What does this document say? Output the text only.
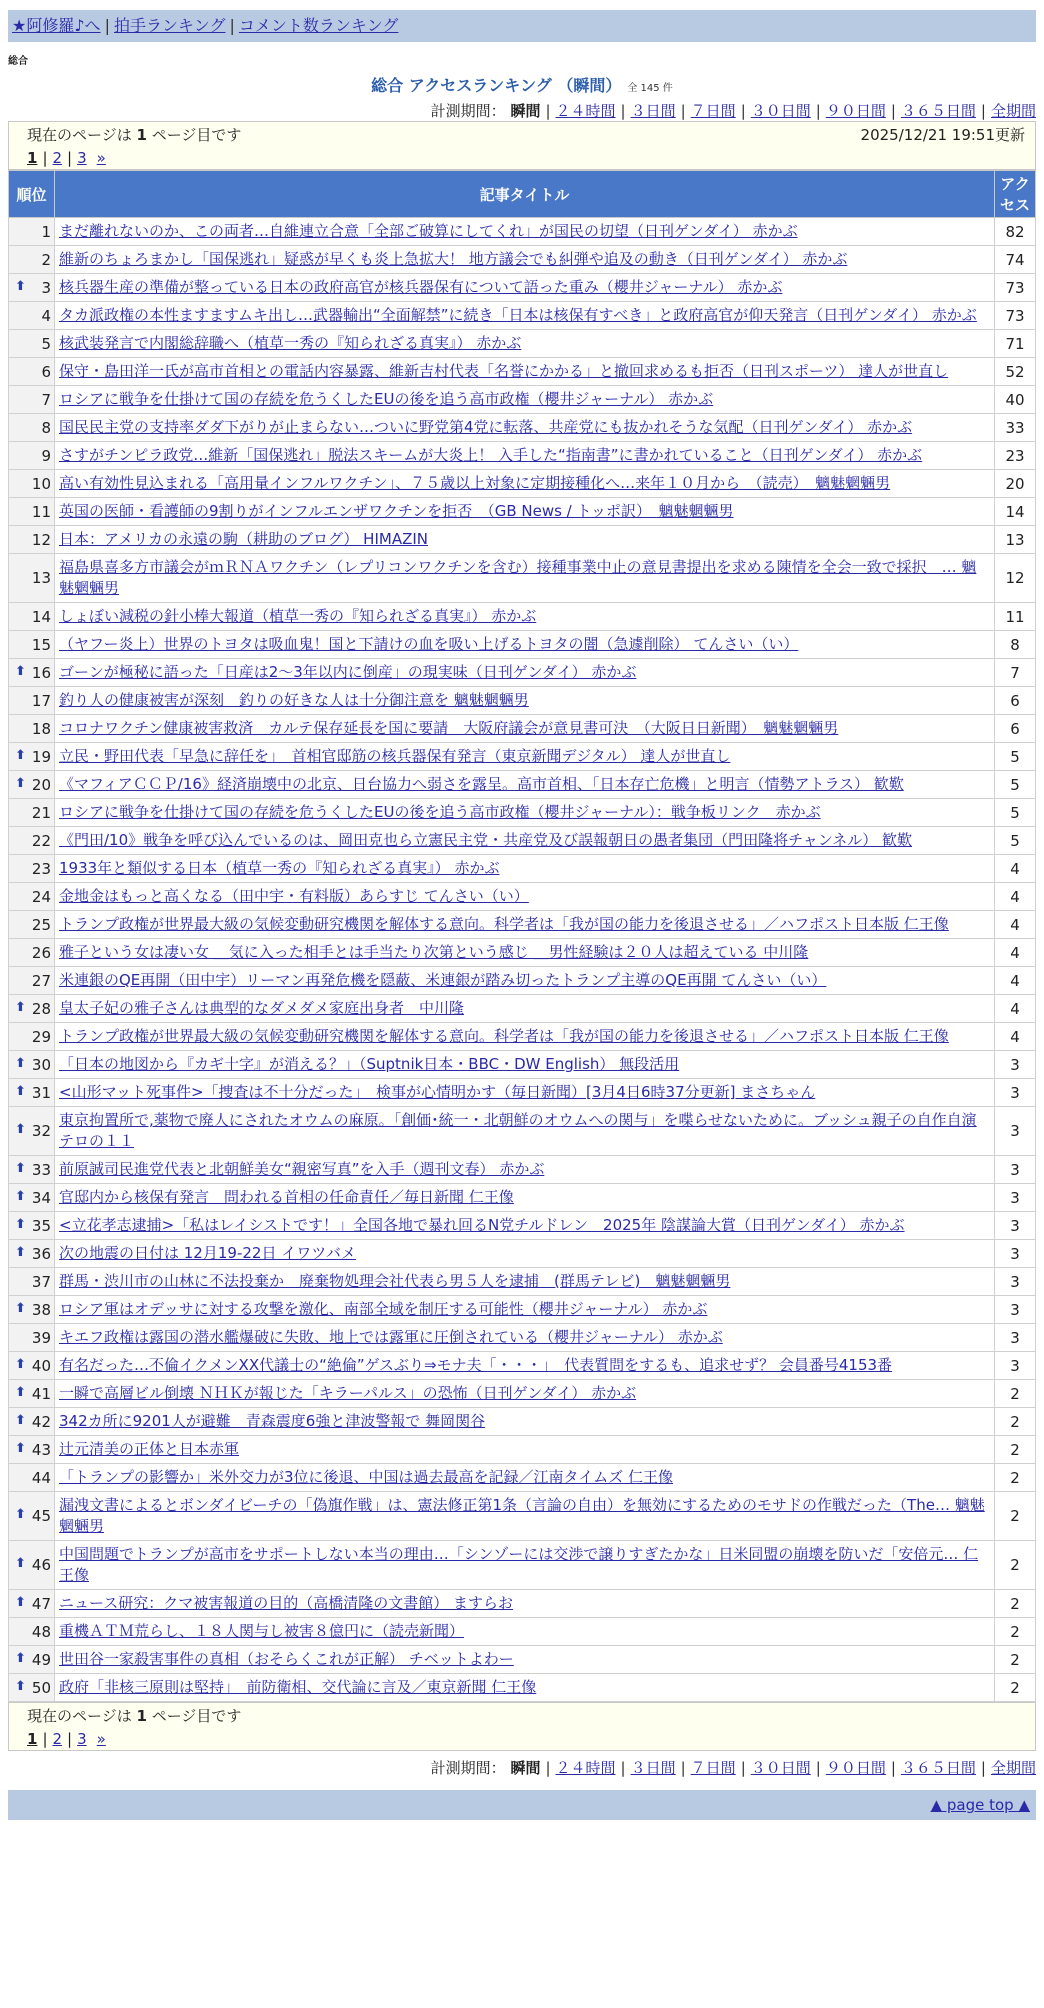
★阿修羅♪へ | 拍手ランキング | コメント数ランキング
総合
総合 アクセスランキング （瞬間） 全 145 件
計測期間： 瞬間 | ２４時間 | ３日間 | ７日間 | ３０日間 | ９０日間 | ３６５日間 | 全期間
現在のページは 1 ページ目です	2025/12/21 19:51更新
1 | 2 | 3 »
順位	記事タイトル	アクセス
1	まだ離れないのか、この両者…自維連立合意「全部ご破算にしてくれ」が国民の切望（日刊ゲンダイ） 赤かぶ	82
2	維新のちょろまかし「国保逃れ」疑惑が早くも炎上急拡大！ 地方議会でも糾弾や追及の動き（日刊ゲンダイ） 赤かぶ	74

⬆ 3	核兵器生産の準備が整っている日本の政府高官が核兵器保有について語った重み（櫻井ジャーナル） 赤かぶ	73
4	タカ派政権の本性ますますムキ出し…武器輸出“全面解禁”に続き「日本は核保有すべき」と政府高官が仰天発言（日刊ゲンダイ） 赤かぶ	73
5	核武装発言で内閣総辞職へ（植草一秀の『知られざる真実』） 赤かぶ	71
6	保守・島田洋一氏が高市首相との電話内容暴露、維新吉村代表「名誉にかかる」と撤回求めるも拒否（日刊スポーツ） 達人が世直し	52
7	ロシアに戦争を仕掛けて国の存続を危うくしたEUの後を追う高市政権（櫻井ジャーナル） 赤かぶ	40
8	国民民主党の支持率ダダ下がりが止まらない…ついに野党第4党に転落、共産党にも抜かれそうな気配（日刊ゲンダイ） 赤かぶ	33
9	さすがチンピラ政党…維新「国保逃れ」脱法スキームが大炎上！ 入手した“指南書”に書かれていること（日刊ゲンダイ） 赤かぶ	23
10	高い有効性見込まれる「高用量インフルワクチン」、７５歳以上対象に定期接種化へ…来年１０月から　（読売）　魑魅魍魎男	20
11	英国の医師・看護師の9割りがインフルエンザワクチンを拒否　（GB News / トッポ訳）　魑魅魍魎男	14
12	日本：アメリカの永遠の駒（耕助のブログ） HIMAZIN	13
13	福島県喜多方市議会がｍＲＮＡワクチン（レプリコンワクチンを含む）接種事業中止の意見書提出を求める陳情を全会一致で採択　… 魑魅魍魎男	12
14	しょぼい減税の針小棒大報道（植草一秀の『知られざる真実』） 赤かぶ	11
15	（ヤフー炎上）世界のトヨタは吸血鬼！国と下請けの血を吸い上げるトヨタの闇（急遽削除） てんさい（い）	8

⬆ 16	ゴーンが極秘に語った「日産は2～3年以内に倒産」の現実味（日刊ゲンダイ） 赤かぶ	7
17	釣り人の健康被害が深刻　釣りの好きな人は十分御注意を 魑魅魍魎男	6
18	コロナワクチン健康被害救済　カルテ保存延長を国に要請　大阪府議会が意見書可決　（大阪日日新聞）　魑魅魍魎男	6

⬆ 19	立民・野田代表「早急に辞任を」　首相官邸筋の核兵器保有発言（東京新聞デジタル） 達人が世直し	5

⬆ 20	《マフィアＣＣＰ/16》経済崩壊中の北京、日台協力へ弱さを露呈。高市首相、「日本存亡危機」と明言（情勢アトラス） 歓歎	5
21	ロシアに戦争を仕掛けて国の存続を危うくしたEUの後を追う高市政権（櫻井ジャーナル）：戦争板リンク　赤かぶ	5
22	《門田/10》戦争を呼び込んでいるのは、岡田克也ら立憲民主党・共産党及び誤報朝日の愚者集団（門田隆将チャンネル） 歓歎	5
23	1933年と類似する日本（植草一秀の『知られざる真実』） 赤かぶ	4
24	金地金はもっと高くなる（田中宇・有料版）あらすじ てんさい（い）	4
25	トランプ政権が世界最大級の気候変動研究機関を解体する意向。科学者は「我が国の能力を後退させる」／ハフポスト日本版 仁王像	4
26	雅子という女は凄い女 ＿気に入った相手とは手当たり次第という感じ ＿男性経験は２０人は超えている 中川隆	4
27	米連銀のQE再開（田中宇）リーマン再発危機を隠蔽、米連銀が踏み切ったトランプ主導のQE再開 てんさい（い）	4

⬆ 28	皇太子妃の雅子さんは典型的なダメダメ家庭出身者　中川隆	4
29	トランプ政権が世界最大級の気候変動研究機関を解体する意向。科学者は「我が国の能力を後退させる」／ハフポスト日本版 仁王像	4

⬆ 30	「日本の地図から『カギ十字』が消える？」（Suptnik日本・BBC・DW English） 無段活用	3

⬆ 31	<山形マット死事件>「捜査は不十分だった」　検事が心情明かす（毎日新聞）[3月4日6時37分更新] まさちゃん	3

⬆ 32	東京拘置所で,薬物で廃人にされたオウムの麻原。「創価･統一・北朝鮮のオウムへの関与」を喋らせないために。ブッシュ親子の自作自演テロの１１	3

⬆ 33	前原誠司民進党代表と北朝鮮美女“親密写真”を入手（週刊文春） 赤かぶ	3

⬆ 34	官邸内から核保有発言　問われる首相の任命責任／毎日新聞 仁王像	3

⬆ 35	<立花孝志逮捕>「私はレイシストです！」全国各地で暴れ回るN党チルドレン　2025年 陰謀論大賞（日刊ゲンダイ） 赤かぶ	3

⬆ 36	次の地震の日付は 12月19-22日 イワツバメ	3
37	群馬・渋川市の山林に不法投棄か　廃棄物処理会社代表ら男５人を逮捕　(群馬テレビ)　魑魅魍魎男	3

⬆ 38	ロシア軍はオデッサに対する攻撃を激化、南部全域を制圧する可能性（櫻井ジャーナル） 赤かぶ	3
39	キエフ政権は露国の潜水艦爆破に失敗、地上では露軍に圧倒されている（櫻井ジャーナル） 赤かぶ	3

⬆ 40	有名だった…不倫イクメンXX代議士の“絶倫”ゲスぶり⇒モナ夫「・・・」　代表質問をするも、追求せず？ 会員番号4153番	3

⬆ 41	一瞬で高層ビル倒壊 ＮＨＫが報じた「キラーパルス」の恐怖（日刊ゲンダイ） 赤かぶ	2

⬆ 42	342カ所に9201人が避難　青森震度6強と津波警報で 舞岡関谷	2

⬆ 43	辻元清美の正体と日本赤軍	2
44	「トランプの影響か」米外交力が3位に後退、中国は過去最高を記録／江南タイムズ 仁王像	2

⬆ 45	漏洩文書によるとボンダイビーチの「偽旗作戦」は、憲法修正第1条（言論の自由）を無効にするためのモサドの作戦だった（The… 魑魅魍魎男	2

⬆ 46	中国問題でトランプが高市をサポートしない本当の理由…「シンゾーには交渉で譲りすぎたかな」日米同盟の崩壊を防いだ「安倍元… 仁王像	2

⬆ 47	ニュース研究：クマ被害報道の目的（高橋清隆の文書館） ますらお	2
48	重機ＡＴＭ荒らし、１８人関与し被害８億円に（読売新聞）	2

⬆ 49	世田谷一家殺害事件の真相（おそらくこれが正解） チベットよわー	2

⬆ 50	政府「非核三原則は堅持」　前防衛相、交代論に言及／東京新聞 仁王像	2
現在のページは 1 ページ目です
1 | 2 | 3 »
計測期間： 瞬間 | ２４時間 | ３日間 | ７日間 | ３０日間 | ９０日間 | ３６５日間 | 全期間
▲ page top ▲
